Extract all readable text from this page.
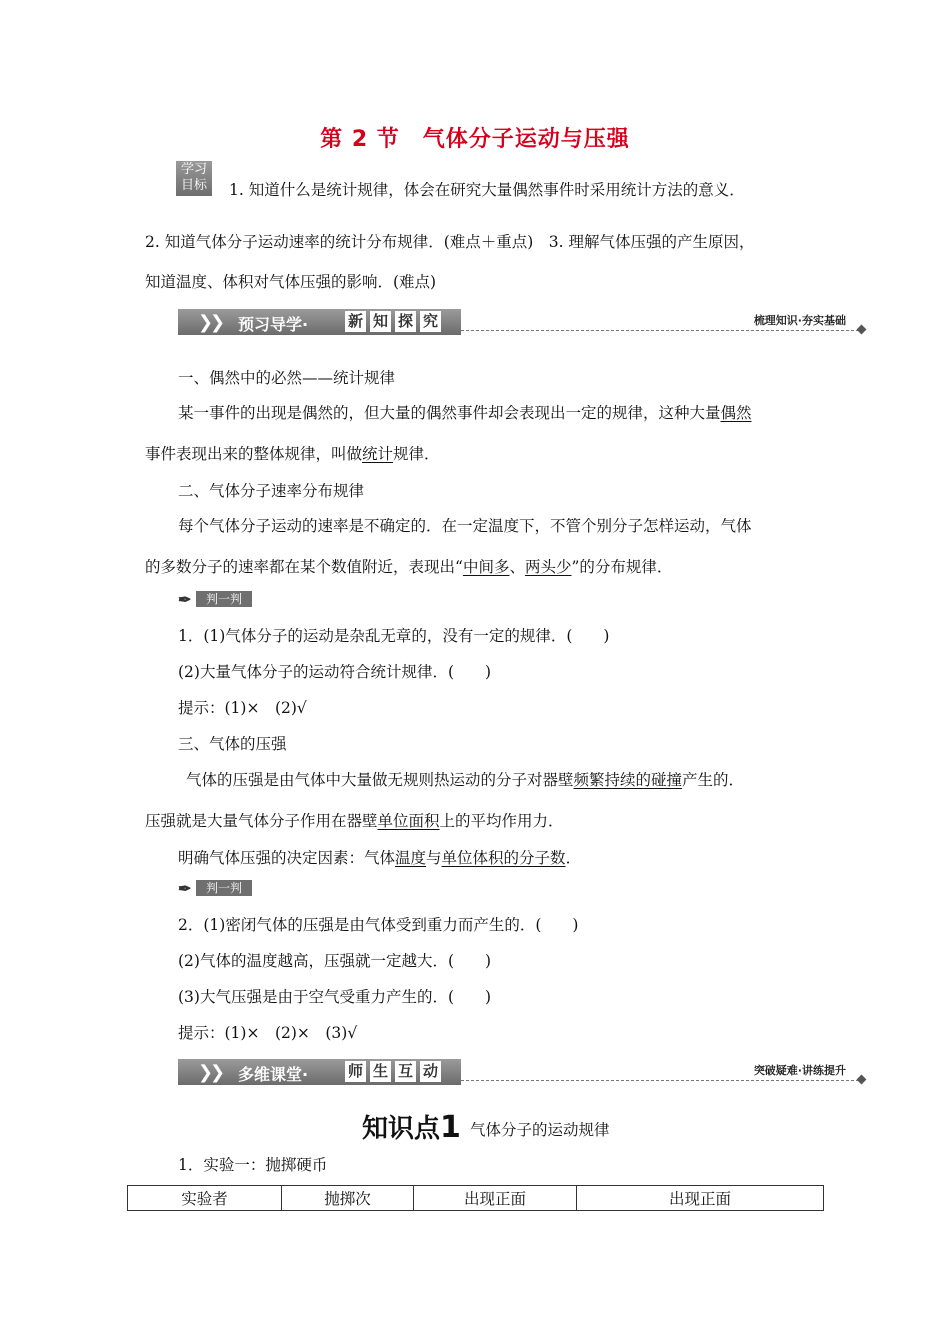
第 2 节　气体分子运动与压强
学习
目标	1. 知道什么是统计规律，体会在研究大量偶然事件时采用统计方法的意义．
2. 知道气体分子运动速率的统计分布规律．(难点＋重点)　3. 理解气体压强的产生原因，
知道温度、体积对气体压强的影响．(难点)
❯
❯ 预习导学·	新 知 探 究	梳理知识·夯实基础
一、偶然中的必然——统计规律
某一事件的出现是偶然的，但大量的偶然事件却会表现出一定的规律，这种大量偶然
事件表现出来的整体规律，叫做统计规律．
二、气体分子速率分布规律
每个气体分子运动的速率是不确定的．在一定温度下，不管个别分子怎样运动，气体
的多数分子的速率都在某个数值附近，表现出“中间多、两头少”的分布规律．
✒	判一判
1．(1)气体分子的运动是杂乱无章的，没有一定的规律．(　　)
(2)大量气体分子的运动符合统计规律．(　　)
提示：(1)×　(2)√
三、气体的压强
气体的压强是由气体中大量做无规则热运动的分子对器壁频繁持续的碰撞产生的．
压强就是大量气体分子作用在器壁单位面积上的平均作用力．
明确气体压强的决定因素：气体温度与单位体积的分子数．
✒	判一判
2．(1)密闭气体的压强是由气体受到重力而产生的．(　　)
(2)气体的温度越高，压强就一定越大．(　　)
(3)大气压强是由于空气受重力产生的．(　　)
提示：(1)×　(2)×　(3)√
❯
❯ 多维课堂·	师 生 互 动	突破疑难·讲练提升
知识点1 气体分子的运动规律
1．实验一：抛掷硬币
实验者	抛掷次	出现正面	出现正面
